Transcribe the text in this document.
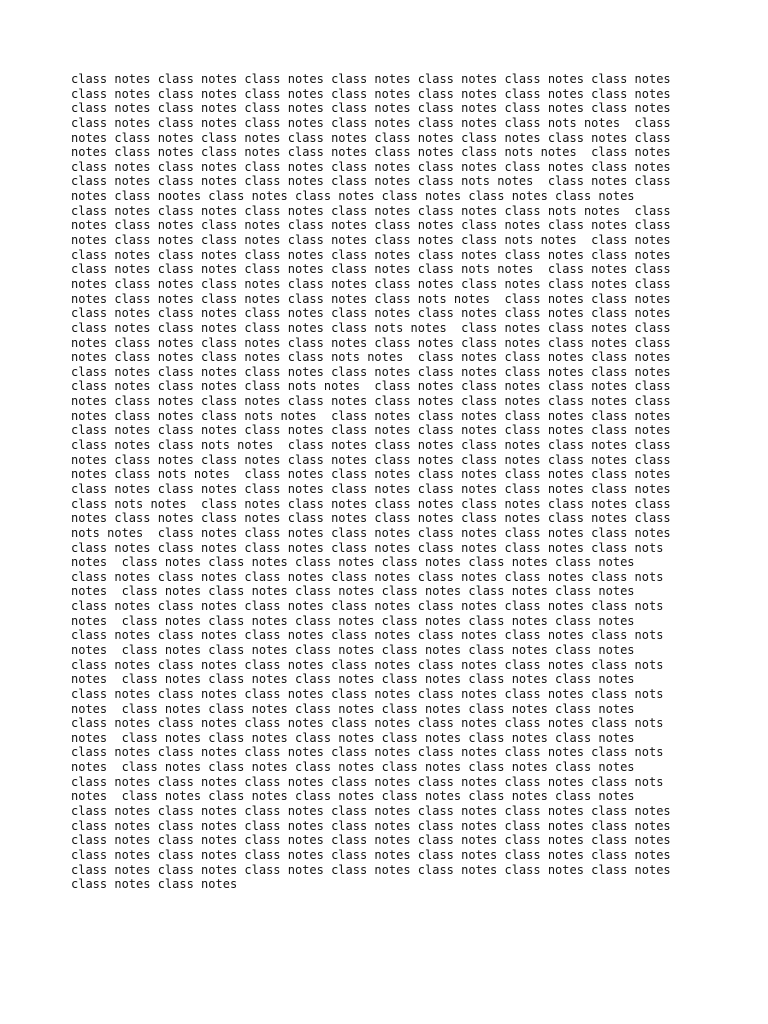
class notes class notes class notes class notes class notes class notes class notes
class notes class notes class notes class notes class notes class notes class notes
class notes class notes class notes class notes class notes class notes class notes
class notes class notes class notes class notes class notes class nots notes  class
notes class notes class notes class notes class notes class notes class notes class
notes class notes class notes class notes class notes class nots notes  class notes
class notes class notes class notes class notes class notes class notes class notes
class notes class notes class notes class notes class nots notes  class notes class
notes class nootes class notes class notes class notes class notes class notes
class notes class notes class notes class notes class notes class nots notes  class
notes class notes class notes class notes class notes class notes class notes class
notes class notes class notes class notes class notes class nots notes  class notes
class notes class notes class notes class notes class notes class notes class notes
class notes class notes class notes class notes class nots notes  class notes class
notes class notes class notes class notes class notes class notes class notes class
notes class notes class notes class notes class nots notes  class notes class notes
class notes class notes class notes class notes class notes class notes class notes
class notes class notes class notes class nots notes  class notes class notes class
notes class notes class notes class notes class notes class notes class notes class
notes class notes class notes class nots notes  class notes class notes class notes
class notes class notes class notes class notes class notes class notes class notes
class notes class notes class nots notes  class notes class notes class notes class
notes class notes class notes class notes class notes class notes class notes class
notes class notes class nots notes  class notes class notes class notes class notes
class notes class notes class notes class notes class notes class notes class notes
class notes class nots notes  class notes class notes class notes class notes class
notes class notes class notes class notes class notes class notes class notes class
notes class nots notes  class notes class notes class notes class notes class notes
class notes class notes class notes class notes class notes class notes class notes
class nots notes  class notes class notes class notes class notes class notes class
notes class notes class notes class notes class notes class notes class notes class
nots notes  class notes class notes class notes class notes class notes class notes
class notes class notes class notes class notes class notes class notes class nots
notes  class notes class notes class notes class notes class notes class notes
class notes class notes class notes class notes class notes class notes class nots
notes  class notes class notes class notes class notes class notes class notes
class notes class notes class notes class notes class notes class notes class nots
notes  class notes class notes class notes class notes class notes class notes
class notes class notes class notes class notes class notes class notes class nots
notes  class notes class notes class notes class notes class notes class notes
class notes class notes class notes class notes class notes class notes class nots
notes  class notes class notes class notes class notes class notes class notes
class notes class notes class notes class notes class notes class notes class nots
notes  class notes class notes class notes class notes class notes class notes
class notes class notes class notes class notes class notes class notes class nots
notes  class notes class notes class notes class notes class notes class notes
class notes class notes class notes class notes class notes class notes class nots
notes  class notes class notes class notes class notes class notes class notes
class notes class notes class notes class notes class notes class notes class nots
notes  class notes class notes class notes class notes class notes class notes
class notes class notes class notes class notes class notes class notes class notes
class notes class notes class notes class notes class notes class notes class notes
class notes class notes class notes class notes class notes class notes class notes
class notes class notes class notes class notes class notes class notes class notes
class notes class notes class notes class notes class notes class notes class notes
class notes class notes
